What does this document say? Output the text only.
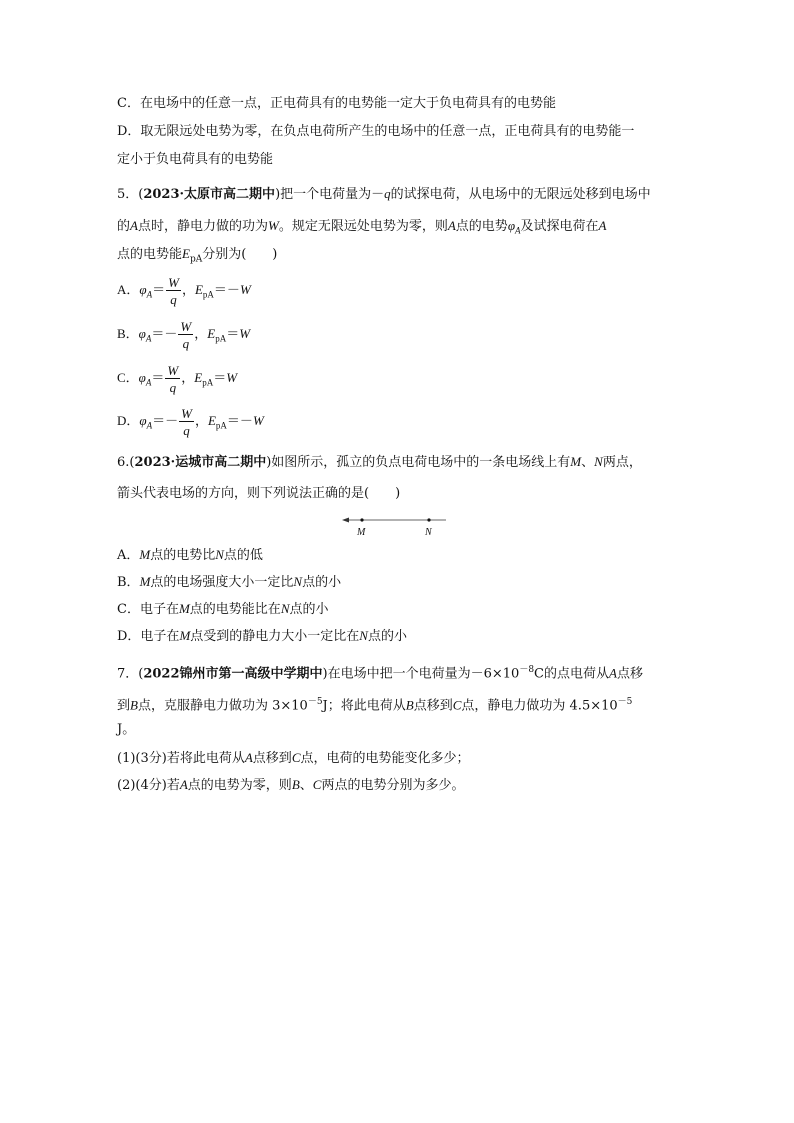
C．在电场中的任意一点，正电荷具有的电势能一定大于负电荷具有的电势能
D．取无限远处电势为零，在负点电荷所产生的电场中的任意一点，正电荷具有的电势能一
定小于负电荷具有的电势能
5．(2023·太原市高二期中)把一个电荷量为－q的试探电荷，从电场中的无限远处移到电场中
的A点时，静电力做的功为W。规定无限远处电势为零，则A点的电势$\varphi_A$及试探电荷在A
点的电势能$E_{pA}$分别为(　　)
A．$\varphi_A= \frac{W}{q}$ ，$E_{pA}=-W$
B．$\varphi_A=- \frac{W}{q}$ ，$E_{pA}=W$
C．$\varphi_A= \frac{W}{q}$ ，$E_{pA}=W$
D．$\varphi_A=- \frac{W}{q}$ ，$E_{pA}=-W$
6.(2023·运城市高二期中)如图所示，孤立的负点电荷电场中的一条电场线上有M、N两点，
箭头代表电场的方向，则下列说法正确的是(　　)
M	N
A．M点的电势比N点的低
B．M点的电场强度大小一定比N点的小
C．电子在M点的电势能比在N点的小
D．电子在M点受到的静电力大小一定比在N点的小
7．(2022锦州市第一高级中学期中)在电场中把一个电荷量为$-6\times 10^{-8}C$的点电荷从A点移
到B点，克服静电力做功为 $3\times 10^{-5}J$；将此电荷从B点移到C点，静电力做功为 $4.5\times 10^{-5}$
J。
(1)(3分)若将此电荷从A点移到C点，电荷的电势能变化多少；
(2)(4分)若A点的电势为零，则B、C两点的电势分别为多少。
